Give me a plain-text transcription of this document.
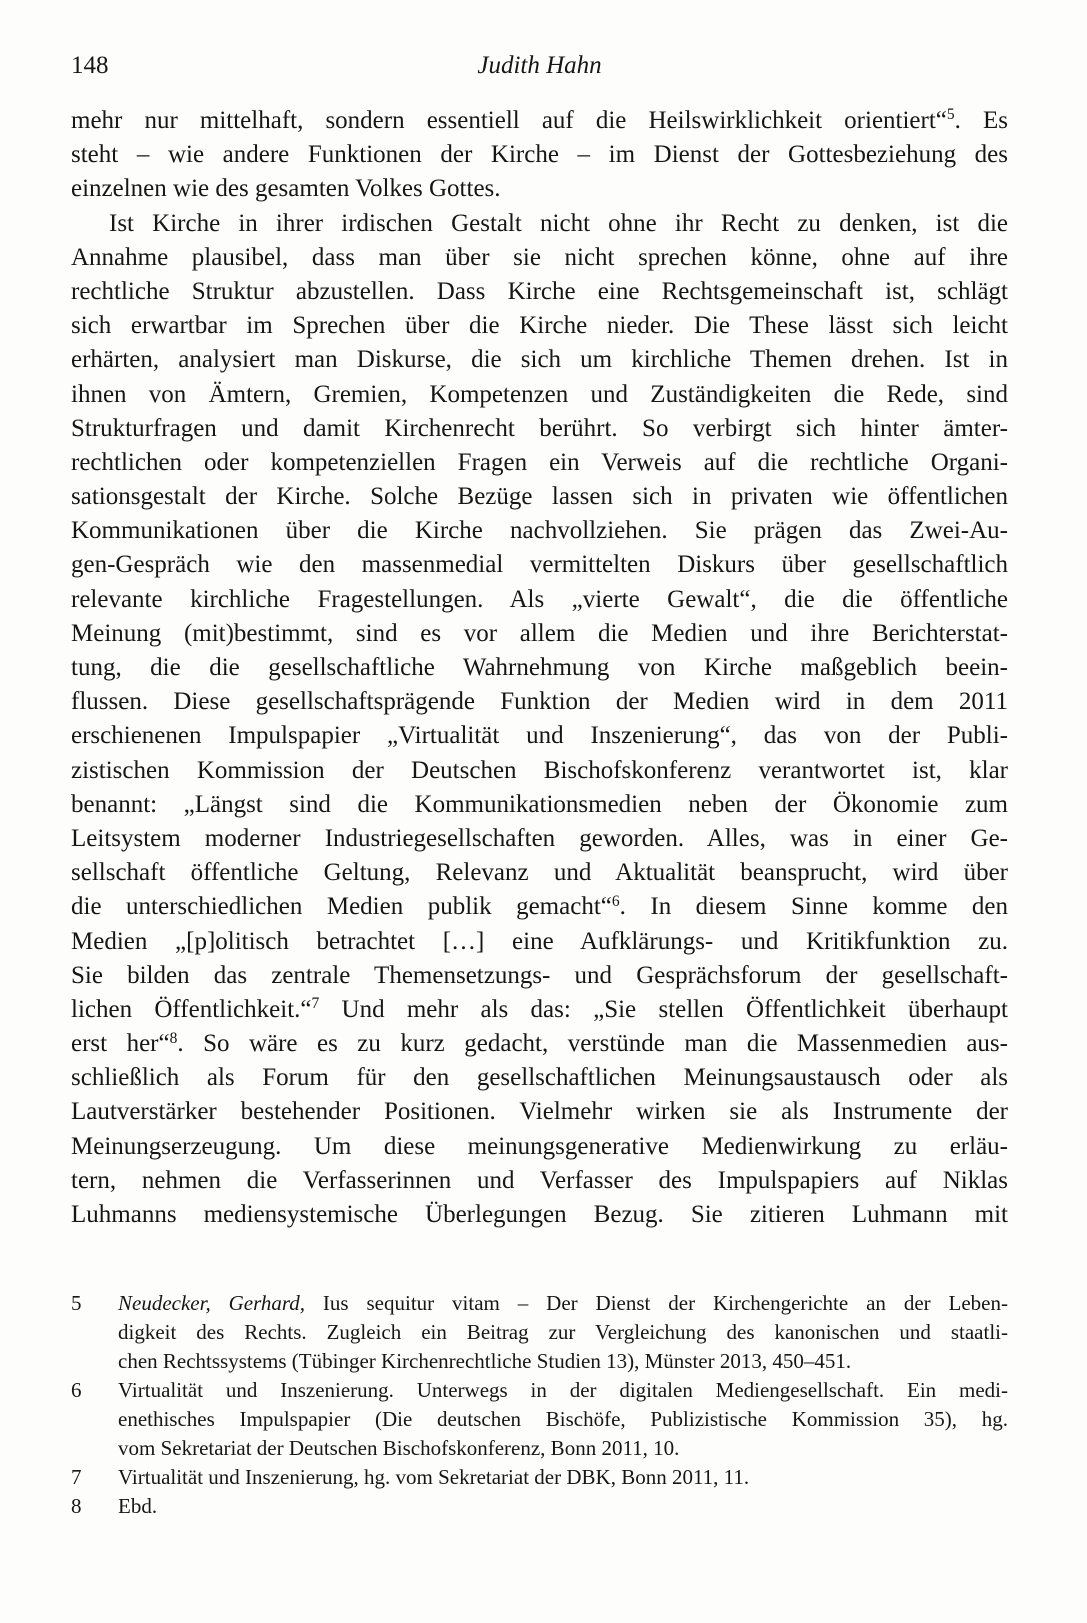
148	Judith Hahn
mehr nur mittelhaft, sondern essentiell auf die Heilswirklichkeit orientiert“$^5$. Es
steht – wie andere Funktionen der Kirche – im Dienst der Gottesbeziehung des
einzelnen wie des gesamten Volkes Gottes.
Ist Kirche in ihrer irdischen Gestalt nicht ohne ihr Recht zu denken, ist die
Annahme plausibel, dass man über sie nicht sprechen könne, ohne auf ihre
rechtliche Struktur abzustellen. Dass Kirche eine Rechtsgemeinschaft ist, schlägt
sich erwartbar im Sprechen über die Kirche nieder. Die These lässt sich leicht
erhärten, analysiert man Diskurse, die sich um kirchliche Themen drehen. Ist in
ihnen von Ämtern, Gremien, Kompetenzen und Zuständigkeiten die Rede, sind
Strukturfragen und damit Kirchenrecht berührt. So verbirgt sich hinter ämter-
rechtlichen oder kompetenziellen Fragen ein Verweis auf die rechtliche Organi-
sationsgestalt der Kirche. Solche Bezüge lassen sich in privaten wie öffentlichen
Kommunikationen über die Kirche nachvollziehen. Sie prägen das Zwei-Au-
gen-Gespräch wie den massenmedial vermittelten Diskurs über gesellschaftlich
relevante kirchliche Fragestellungen. Als „vierte Gewalt“, die die öffentliche
Meinung (mit)bestimmt, sind es vor allem die Medien und ihre Berichterstat-
tung, die die gesellschaftliche Wahrnehmung von Kirche maßgeblich beein-
flussen. Diese gesellschaftsprägende Funktion der Medien wird in dem 2011
erschienenen Impulspapier „Virtualität und Inszenierung“, das von der Publi-
zistischen Kommission der Deutschen Bischofskonferenz verantwortet ist, klar
benannt: „Längst sind die Kommunikationsmedien neben der Ökonomie zum
Leitsystem moderner Industriegesellschaften geworden. Alles, was in einer Ge-
sellschaft öffentliche Geltung, Relevanz und Aktualität beansprucht, wird über
die unterschiedlichen Medien publik gemacht“$^6$. In diesem Sinne komme den
Medien „[p]olitisch betrachtet […] eine Aufklärungs- und Kritikfunktion zu.
Sie bilden das zentrale Themensetzungs- und Gesprächsforum der gesellschaft-
lichen Öffentlichkeit.“$^7$ Und mehr als das: „Sie stellen Öffentlichkeit überhaupt
erst her“$^8$. So wäre es zu kurz gedacht, verstünde man die Massenmedien aus-
schließlich als Forum für den gesellschaftlichen Meinungsaustausch oder als
Lautverstärker bestehender Positionen. Vielmehr wirken sie als Instrumente der
Meinungserzeugung. Um diese meinungsgenerative Medienwirkung zu erläu-
tern, nehmen die Verfasserinnen und Verfasser des Impulspapiers auf Niklas
Luhmanns mediensystemische Überlegungen Bezug. Sie zitieren Luhmann mit
5	Neudecker, Gerhard, Ius sequitur vitam – Der Dienst der Kirchengerichte an der Leben-
digkeit des Rechts. Zugleich ein Beitrag zur Vergleichung des kanonischen und staatli-
chen Rechtssystems (Tübinger Kirchenrechtliche Studien 13), Münster 2013, 450–451.
6	Virtualität und Inszenierung. Unterwegs in der digitalen Mediengesellschaft. Ein medi-
enethisches Impulspapier (Die deutschen Bischöfe, Publizistische Kommission 35), hg.
vom Sekretariat der Deutschen Bischofskonferenz, Bonn 2011, 10.
7	Virtualität und Inszenierung, hg. vom Sekretariat der DBK, Bonn 2011, 11.
8	Ebd.
